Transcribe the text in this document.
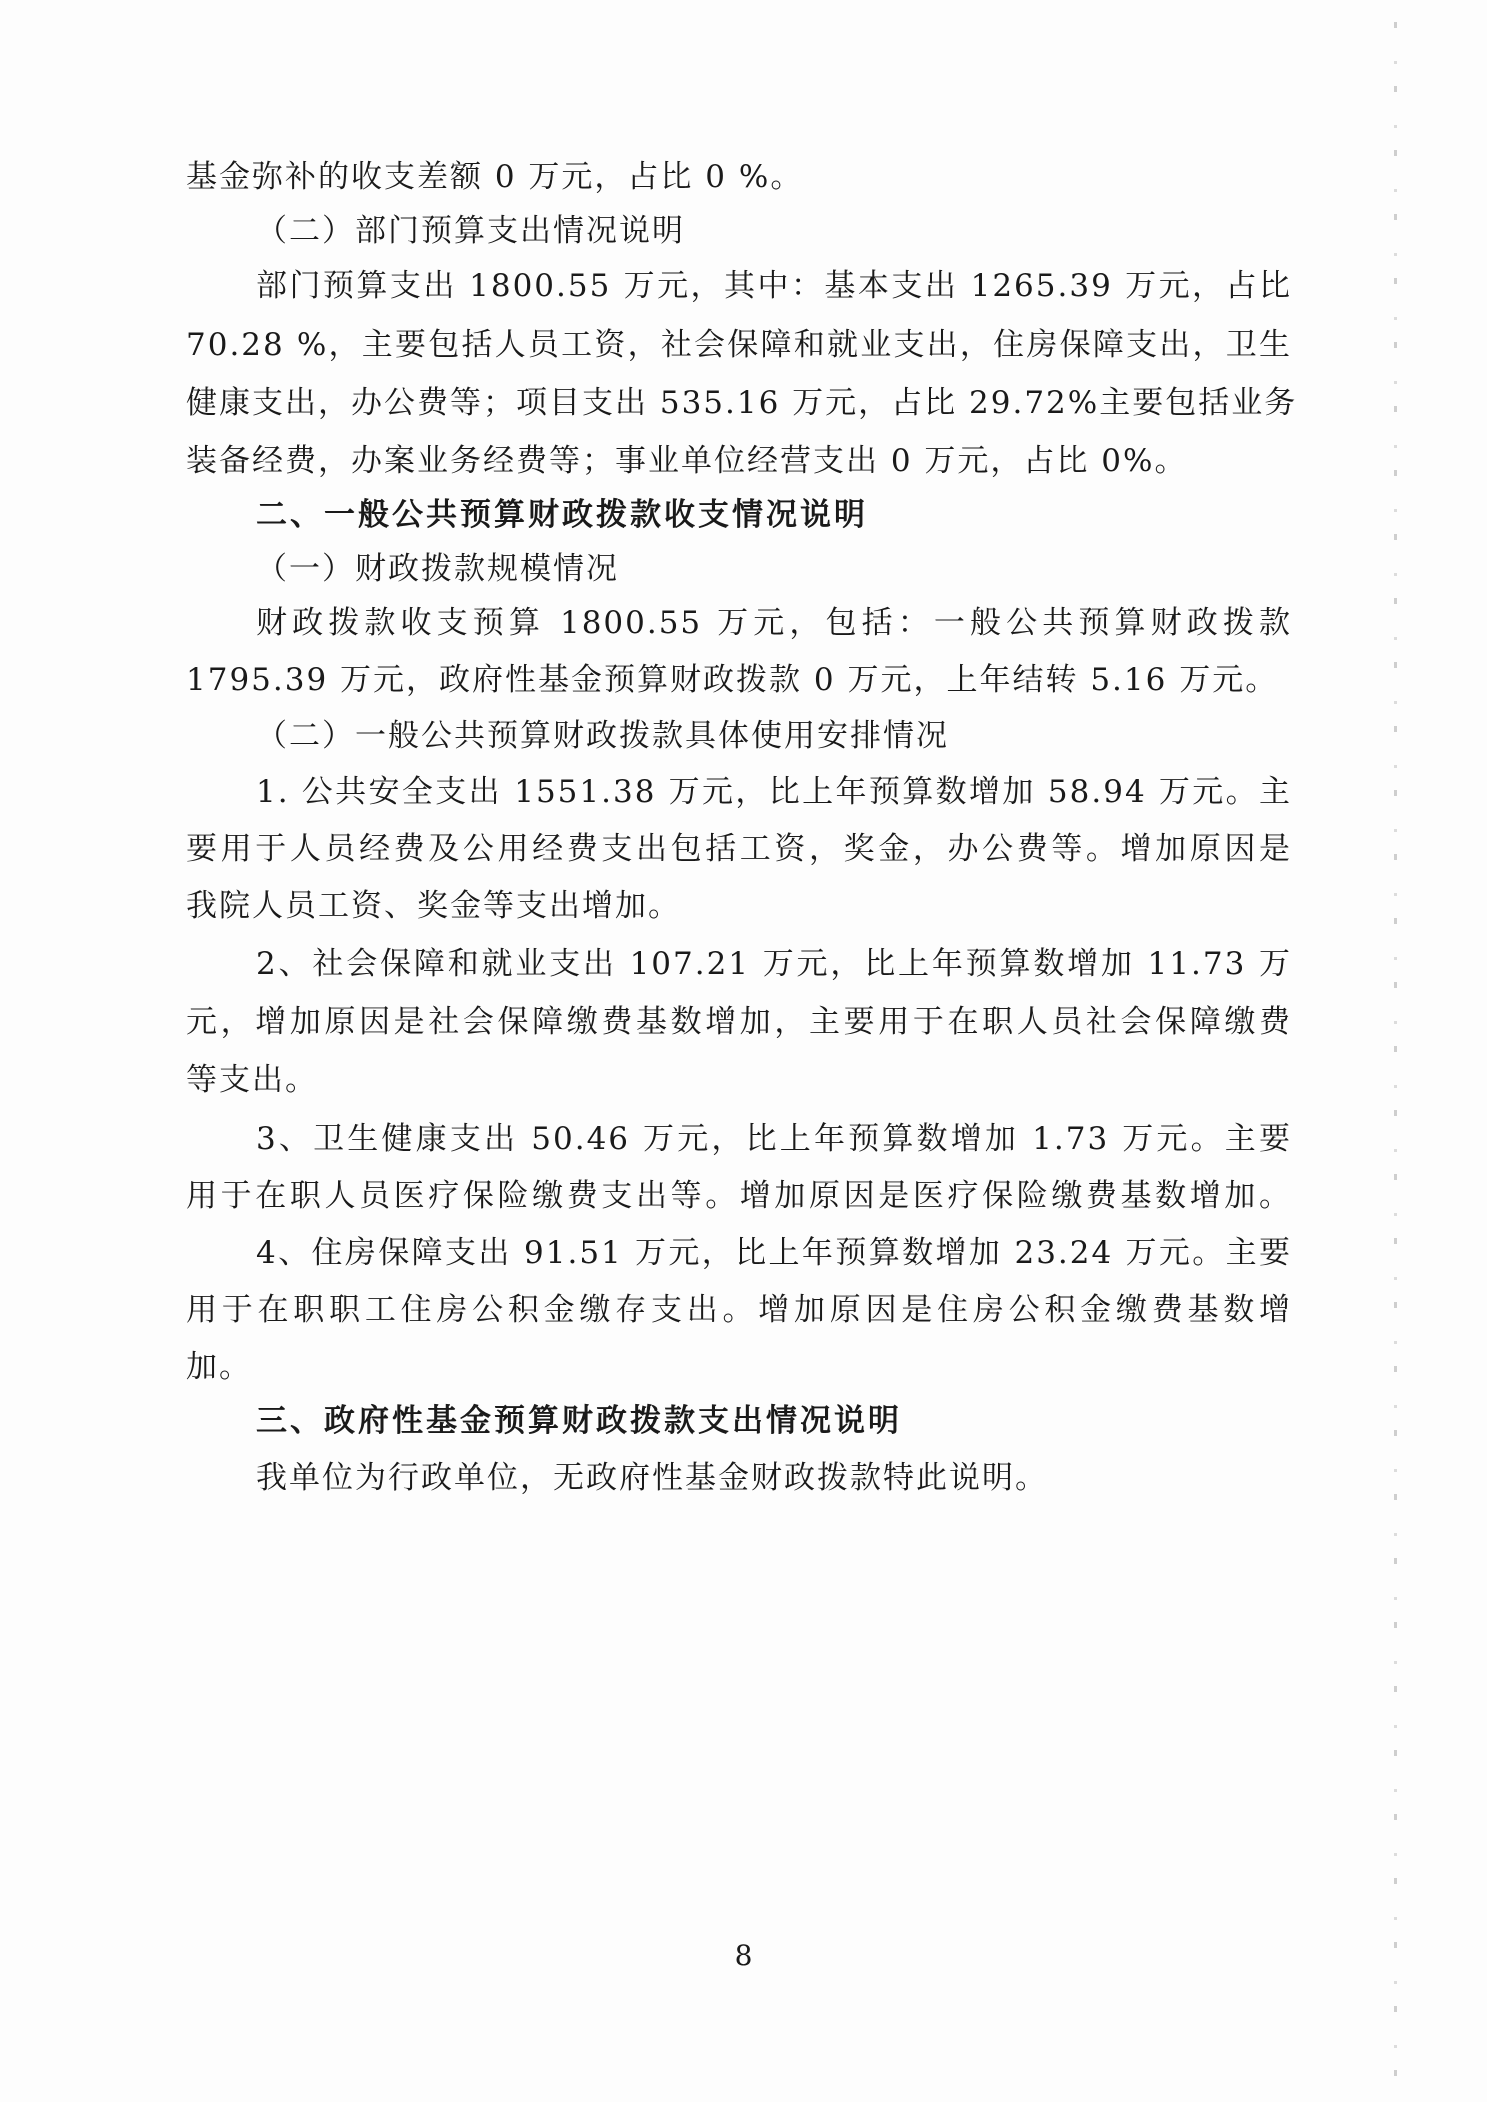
基金弥补的收支差额 0 万元，占比 0 %。
（二）部门预算支出情况说明
部门预算支出 1800.55 万元，其中：基本支出 1265.39 万元，占比
70.28 %，主要包括人员工资，社会保障和就业支出，住房保障支出，卫生
健康支出，办公费等；项目支出 535.16 万元，占比 29.72%主要包括业务
装备经费，办案业务经费等；事业单位经营支出 0 万元，占比 0%。
二、一般公共预算财政拨款收支情况说明
（一）财政拨款规模情况
财政拨款收支预算 1800.55 万元，包括：一般公共预算财政拨款
1795.39 万元，政府性基金预算财政拨款 0 万元，上年结转 5.16 万元。
（二）一般公共预算财政拨款具体使用安排情况
1. 公共安全支出 1551.38 万元，比上年预算数增加 58.94 万元。主
要用于人员经费及公用经费支出包括工资，奖金，办公费等。增加原因是
我院人员工资、奖金等支出增加。
2、社会保障和就业支出 107.21 万元，比上年预算数增加 11.73 万
元，增加原因是社会保障缴费基数增加，主要用于在职人员社会保障缴费
等支出。
3、卫生健康支出 50.46 万元，比上年预算数增加 1.73 万元。主要
用于在职人员医疗保险缴费支出等。增加原因是医疗保险缴费基数增加。
4、住房保障支出 91.51 万元，比上年预算数增加 23.24 万元。主要
用于在职职工住房公积金缴存支出。增加原因是住房公积金缴费基数增
加。
三、政府性基金预算财政拨款支出情况说明
我单位为行政单位，无政府性基金财政拨款特此说明。
8
